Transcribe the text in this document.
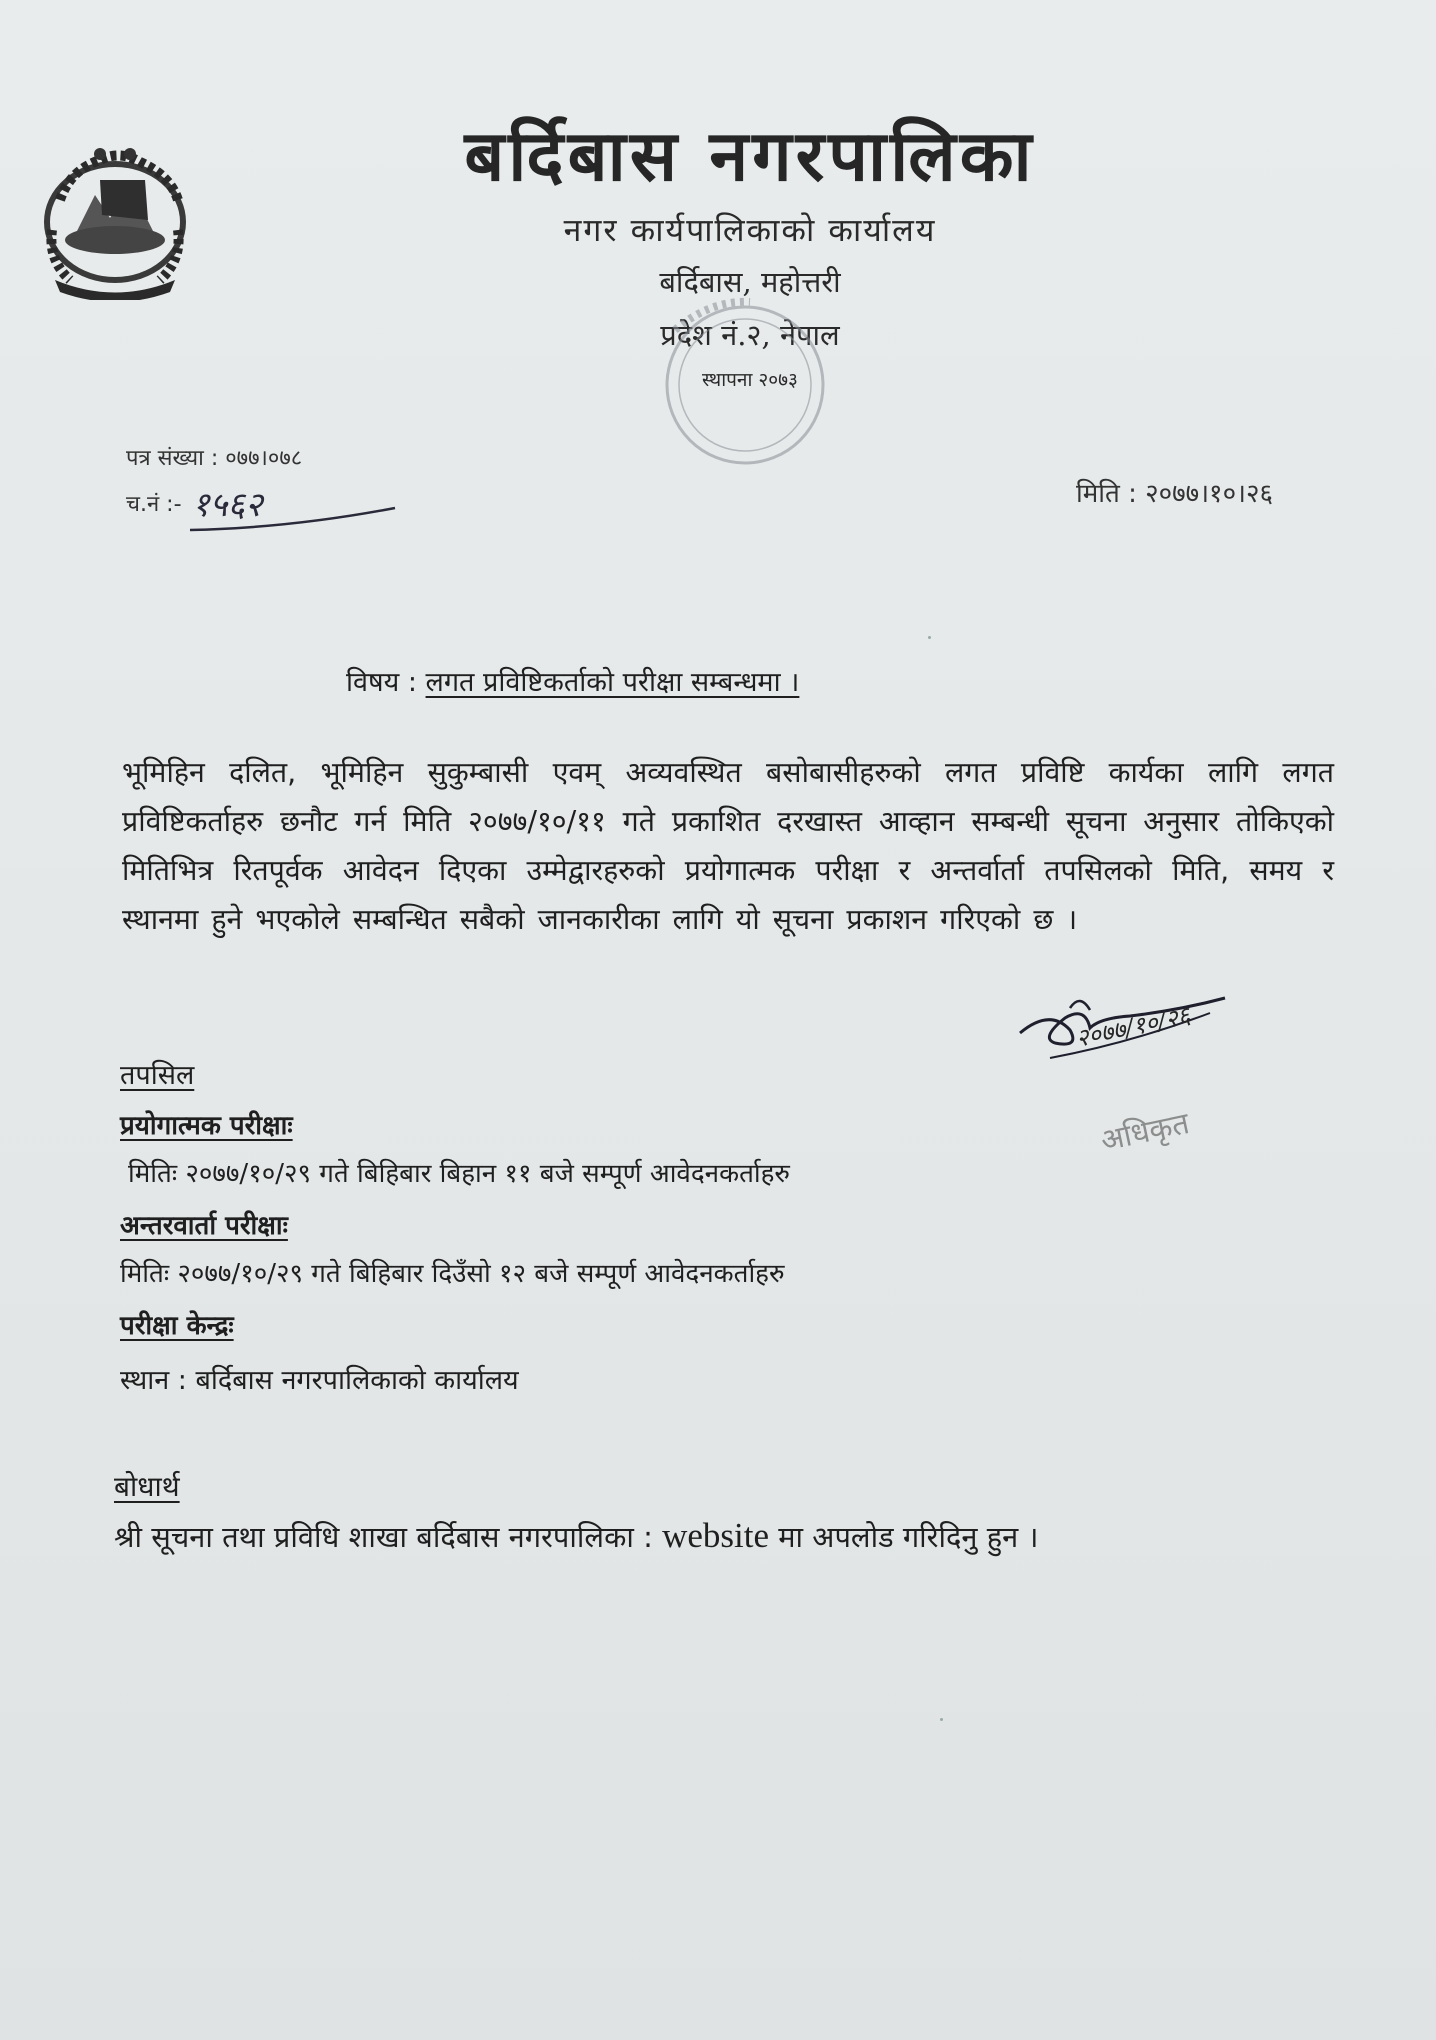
बर्दिबास नगरपालिका
नगर कार्यपालिकाको कार्यालय
बर्दिबास, महोत्तरी
प्रदेश नं.२, नेपाल
स्थापना २०७३
पत्र संख्या : ०७७।०७८
च.नं :- १५६२	मिति : २०७७।१०।२६
विषय : लगत प्रविष्टिकर्ताको परीक्षा सम्बन्धमा ।
भूमिहिन दलित, भूमिहिन सुकुम्बासी एवम् अव्यवस्थित बसोबासीहरुको लगत प्रविष्टि कार्यका लागि लगत प्रविष्टिकर्ताहरु छनौट गर्न मिति २०७७/१०/११ गते प्रकाशित दरखास्त आव्हान सम्बन्धी सूचना अनुसार तोकिएको मितिभित्र रितपूर्वक आवेदन दिएका उम्मेद्वारहरुको प्रयोगात्मक परीक्षा र अन्तर्वार्ता तपसिलको मिति, समय र स्थानमा हुने भएकोले सम्बन्धित सबैको जानकारीका लागि यो सूचना प्रकाशन गरिएको छ ।
२०७७/१०/२६
अधिकृत
तपसिल
प्रयोगात्मक परीक्षाः
मितिः २०७७/१०/२९ गते बिहिबार बिहान ११ बजे सम्पूर्ण आवेदनकर्ताहरु
अन्तरवार्ता परीक्षाः
मितिः २०७७/१०/२९ गते बिहिबार दिउँसो १२ बजे सम्पूर्ण आवेदनकर्ताहरु
परीक्षा केन्द्रः
स्थान : बर्दिबास नगरपालिकाको कार्यालय
बोधार्थ
श्री सूचना तथा प्रविधि शाखा बर्दिबास नगरपालिका : website मा अपलोड गरिदिनु हुन ।
